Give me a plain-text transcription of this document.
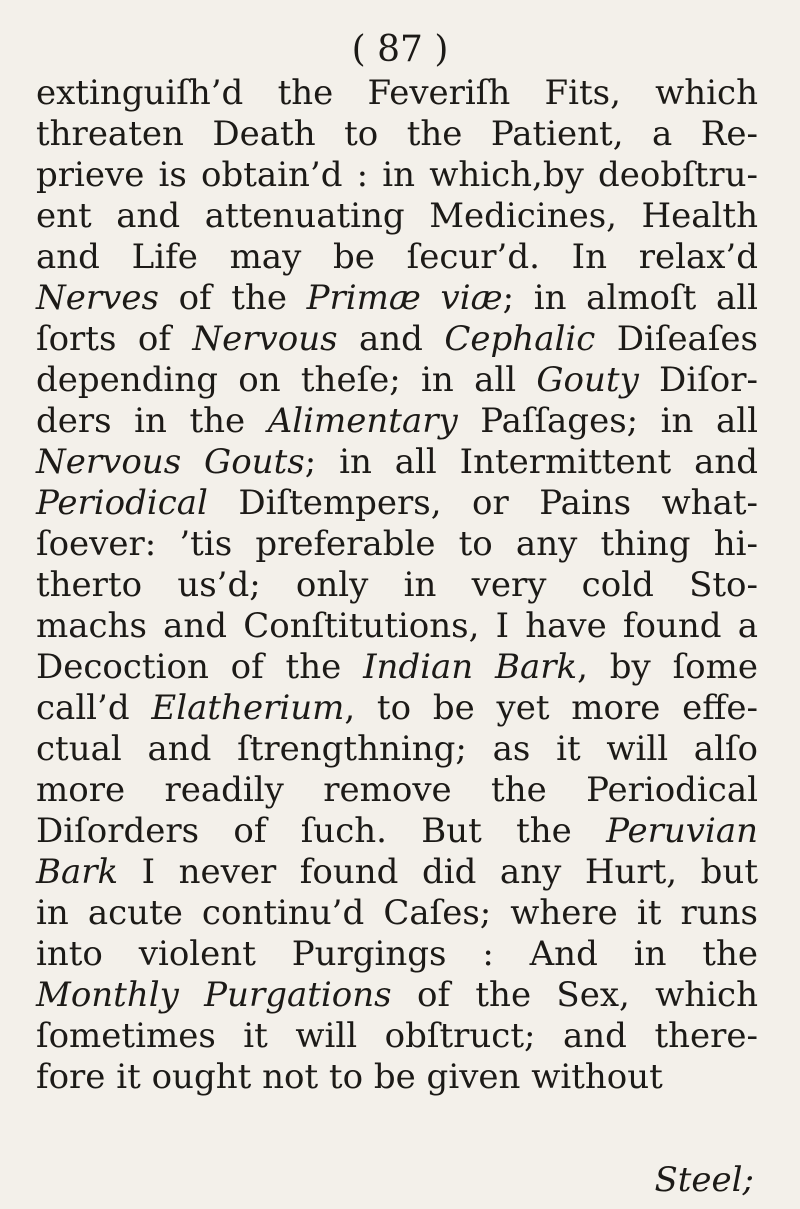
( 87 )
extinguiſh’d the Feveriſh Fits, which
threaten Death to the Patient, a Re-
prieve is obtain’d : in which,by deobſtru-
ent and attenuating Medicines, Health
and Life may be ſecur’d. In relax’d
Nerves of the Primæ viæ; in almoſt all
ſorts of Nervous and Cephalic Diſeaſes
depending on theſe; in all Gouty Diſor-
ders in the Alimentary Paſſages; in all
Nervous Gouts; in all Intermittent and
Periodical Diſtempers, or Pains what-
ſoever: ’tis preferable to any thing hi-
therto us’d; only in very cold Sto-
machs and Conſtitutions, I have found a
Decoction of the Indian Bark, by ſome
call’d Elatherium, to be yet more effe-
ctual and ſtrengthning; as it will alſo
more readily remove the Periodical
Diſorders of ſuch. But the Peruvian
Bark I never found did any Hurt, but
in acute continu’d Caſes; where it runs
into violent Purgings : And in the
Monthly Purgations of the Sex, which
ſometimes it will obſtruct; and there-
fore it ought not to be given without
Steel;
